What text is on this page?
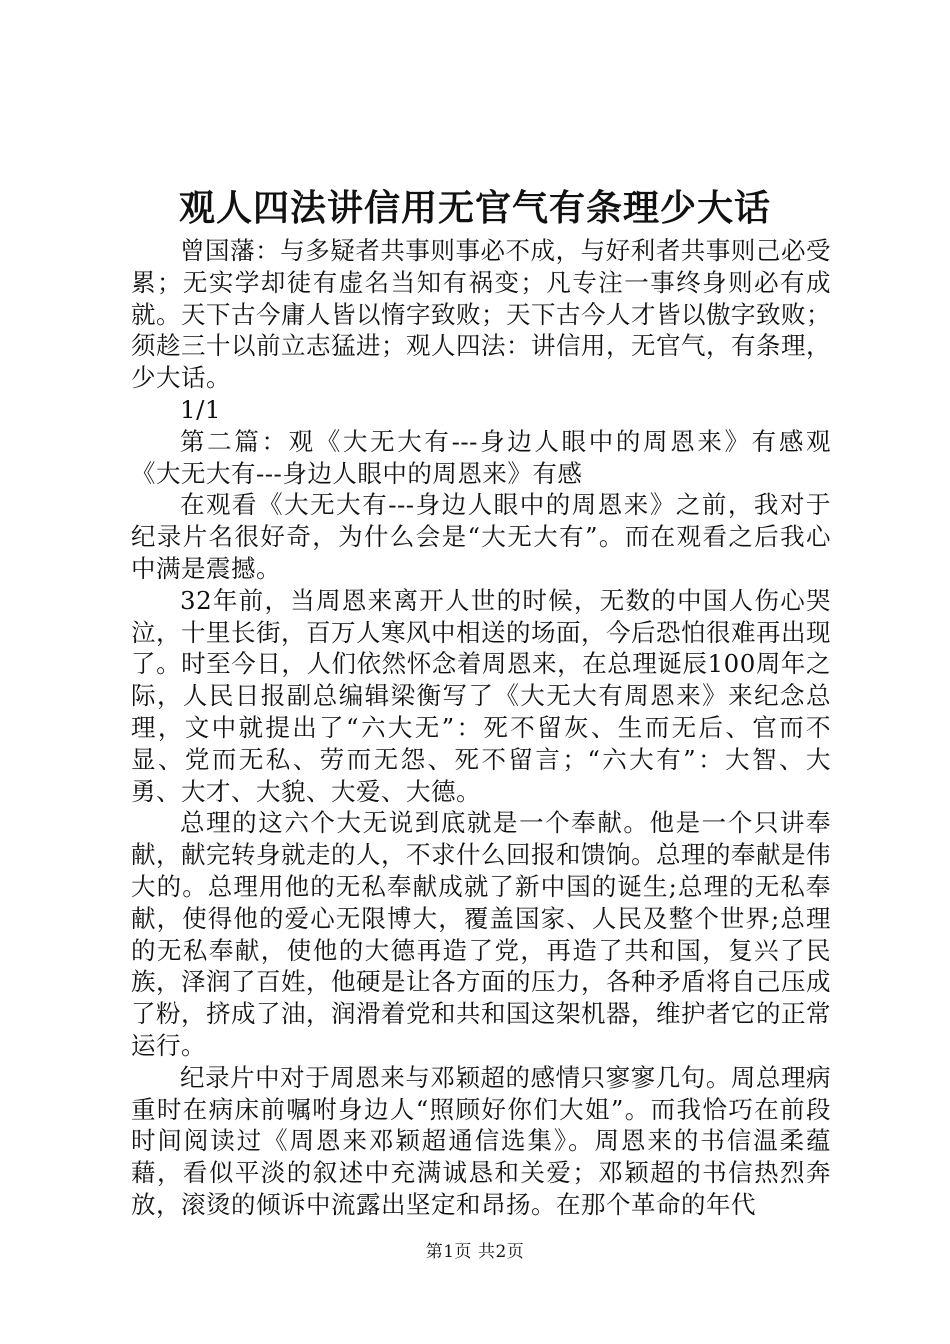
观人四法讲信用无官气有条理少大话

曾国藩：与多疑者共事则事必不成，与好利者共事则己必受累；无实学却徒有虚名当知有祸变；凡专注一事终身则必有成就。天下古今庸人皆以惰字致败；天下古今人才皆以傲字致败；须趁三十以前立志猛进；观人四法：讲信用，无官气，有条理，少大话。

1/1

第二篇：观《大无大有---身边人眼中的周恩来》有感观《大无大有---身边人眼中的周恩来》有感

在观看《大无大有---身边人眼中的周恩来》之前，我对于纪录片名很好奇，为什么会是“大无大有”。而在观看之后我心中满是震撼。

32年前，当周恩来离开人世的时候，无数的中国人伤心哭泣，十里长街，百万人寒风中相送的场面，今后恐怕很难再出现了。时至今日，人们依然怀念着周恩来，在总理诞辰100周年之际，人民日报副总编辑梁衡写了《大无大有周恩来》来纪念总理，文中就提出了“六大无”：死不留灰、生而无后、官而不显、党而无私、劳而无怨、死不留言；“六大有”：大智、大勇、大才、大貌、大爱、大德。

总理的这六个大无说到底就是一个奉献。他是一个只讲奉献，献完转身就走的人，不求什么回报和馈饷。总理的奉献是伟大的。总理用他的无私奉献成就了新中国的诞生;总理的无私奉献，使得他的爱心无限博大，覆盖国家、人民及整个世界;总理的无私奉献，使他的大德再造了党，再造了共和国，复兴了民族，泽润了百姓，他硬是让各方面的压力，各种矛盾将自己压成了粉，挤成了油，润滑着党和共和国这架机器，维护者它的正常运行。

纪录片中对于周恩来与邓颖超的感情只寥寥几句。周总理病重时在病床前嘱咐身边人“照顾好你们大姐”。而我恰巧在前段时间阅读过《周恩来邓颖超通信选集》。周恩来的书信温柔蕴藉，看似平淡的叙述中充满诚恳和关爱；邓颖超的书信热烈奔放，滚烫的倾诉中流露出坚定和昂扬。在那个革命的年代

第1页 共2页
